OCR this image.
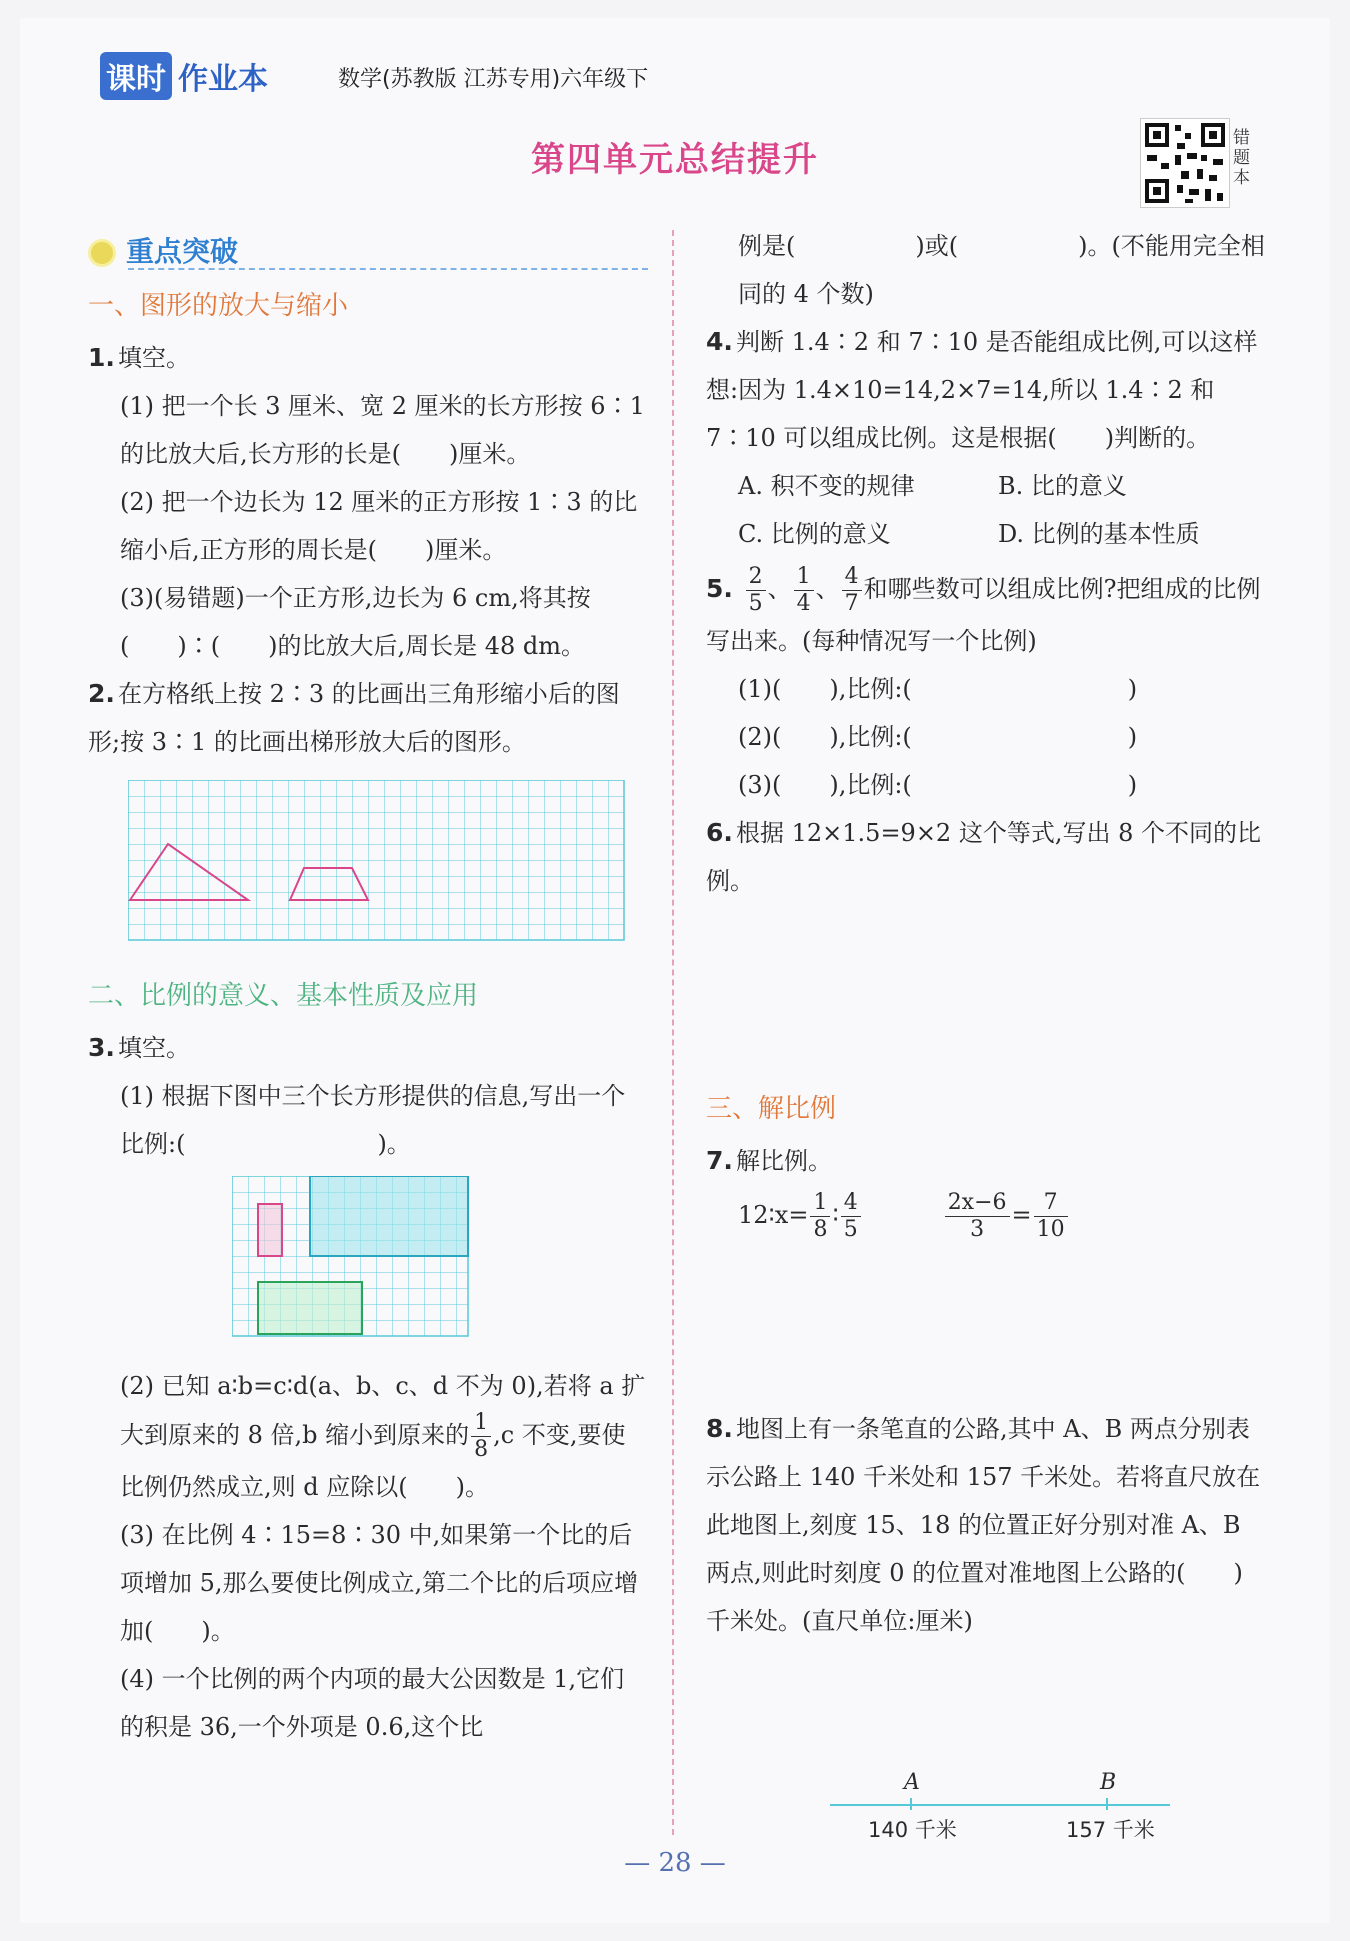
课时 作业本	数学(苏教版 江苏专用)六年级下
第四单元总结提升
错题本
重点突破
一、图形的放大与缩小

1. 填空。

(1) 把一个长 3 厘米、宽 2 厘米的长方形按 6∶1 的比放大后,长方形的长是(　　)厘米。

(2) 把一个边长为 12 厘米的正方形按 1∶3 的比缩小后,正方形的周长是(　　)厘米。

(3)(易错题)一个正方形,边长为 6 cm,将其按(　　)∶(　　)的比放大后,周长是 48 dm。

2. 在方格纸上按 2∶3 的比画出三角形缩小后的图形;按 3∶1 的比画出梯形放大后的图形。

二、比例的意义、基本性质及应用

3. 填空。

(1) 根据下图中三个长方形提供的信息,写出一个比例:(　　　　　　　　)。

(2) 已知 a∶b=c∶d(a、b、c、d 不为 0),若将 a 扩大到原来的 8 倍,b 缩小到原来的 $\frac{1}{8} ,c$ 不变,要使比例仍然成立,则 d 应除以(　　)。

(3) 在比例 4∶15=8∶30 中,如果第一个比的后项增加 5,那么要使比例成立,第二个比的后项应增加(　　)。

(4) 一个比例的两个内项的最大公因数是 1,它们的积是 36,一个外项是 0.6,这个比

例是(　　　　　)或(　　　　　)。(不能用完全相同的 4 个数)

4. 判断 1.4∶2 和 7∶10 是否能组成比例,可以这样想:因为 1.4×10=14,2×7=14,所以 1.4∶2 和 7∶10 可以组成比例。这是根据(　　)判断的。

A. 积不变的规律	B. 比的意义
C. 比例的意义	D. 比例的基本性质

5. $\frac{2}{5}$ 、 $\frac{1}{4}$ 、 $\frac{4}{7}$ 和哪些数可以组成比例?把组成的比例写出来。(每种情况写一个比例)

(1)(　　),比例:(　　　　　　　　　)

(2)(　　),比例:(　　　　　　　　　)

(3)(　　),比例:(　　　　　　　　　)

6. 根据 12×1.5=9×2 这个等式,写出 8 个不同的比例。

三、解比例

7. 解比例。

12∶x= $\frac{1}{8}$ ∶ $\frac{4}{5}$	$\frac{2x-6}{3} = \frac{7}{10}$

8. 地图上有一条笔直的公路,其中 A、B 两点分别表示公路上 140 千米处和 157 千米处。若将直尺放在此地图上,刻度 15、18 的位置正好分别对准 A、B 两点,则此时刻度 0 的位置对准地图上公路的(　　)千米处。(直尺单位:厘米)

A	B
140 千米	157 千米
— 28 —
